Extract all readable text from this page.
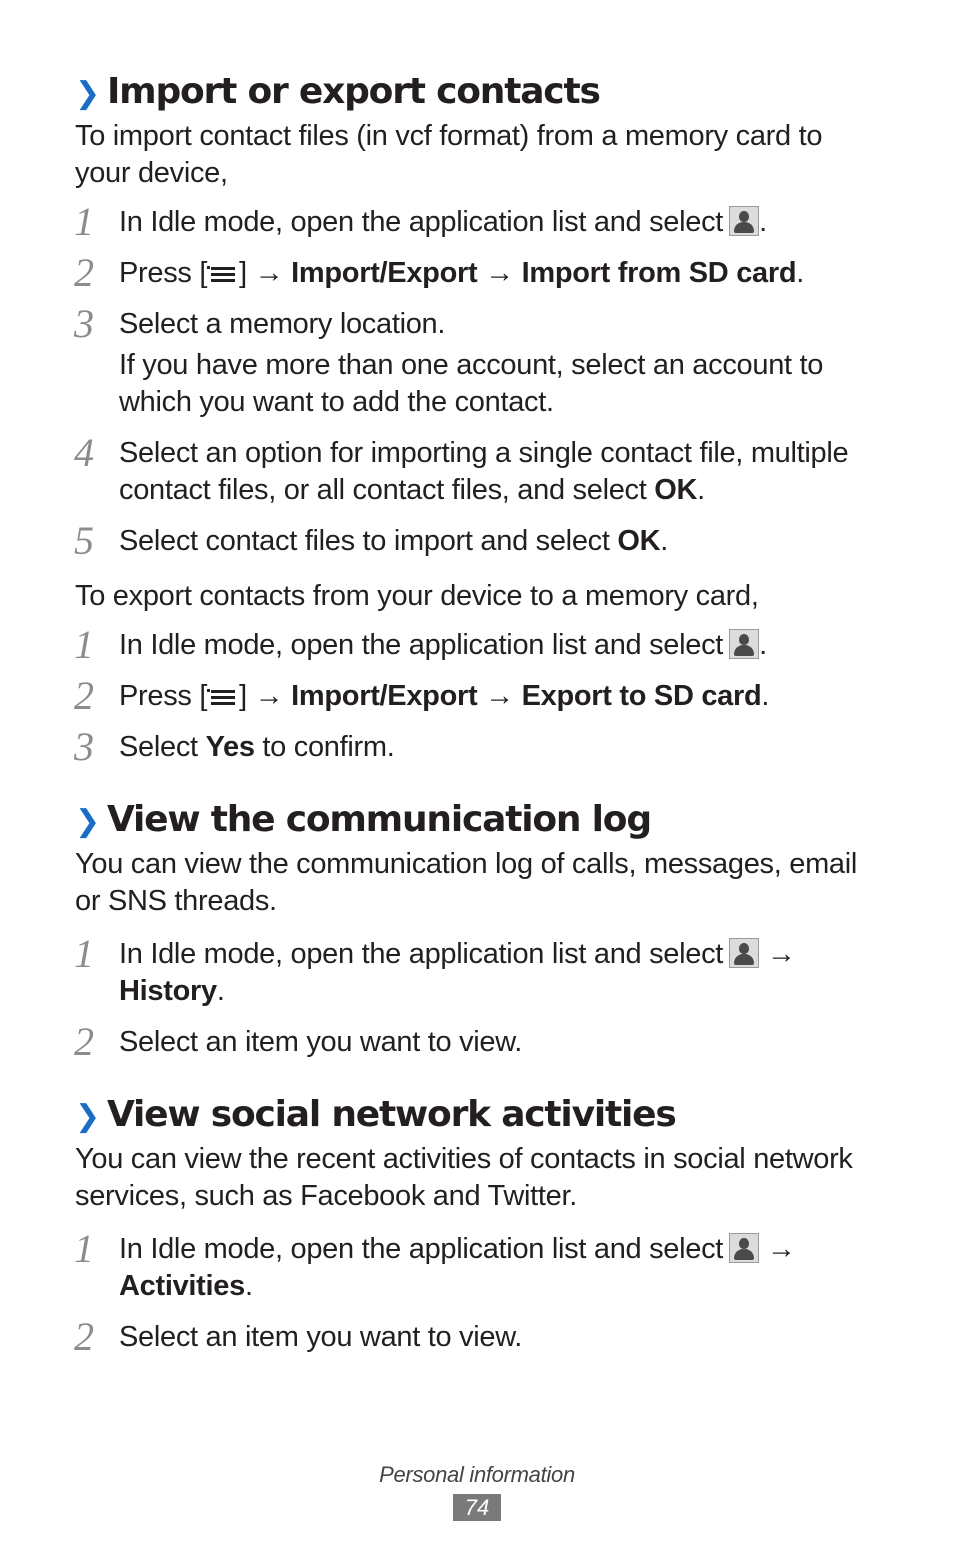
❯ Import or export contacts

To import contact files (in vcf format) from a memory card to your device,

1 In Idle mode, open the application list and select .
2 Press [ ] → Import/Export → Import from SD card.
3 Select a memory location.
If you have more than one account, select an account to which you want to add the contact.
4 Select an option for importing a single contact file, multiple contact files, or all contact files, and select OK.
5 Select contact files to import and select OK.

To export contacts from your device to a memory card,

1 In Idle mode, open the application list and select .
2 Press [ ] → Import/Export → Export to SD card.
3 Select Yes to confirm.
❯ View the communication log

You can view the communication log of calls, messages, email or SNS threads.

1 In Idle mode, open the application list and select →
History.
2 Select an item you want to view.
❯ View social network activities

You can view the recent activities of contacts in social network services, such as Facebook and Twitter.

1 In Idle mode, open the application list and select →
Activities.
2 Select an item you want to view.
Personal information
74
